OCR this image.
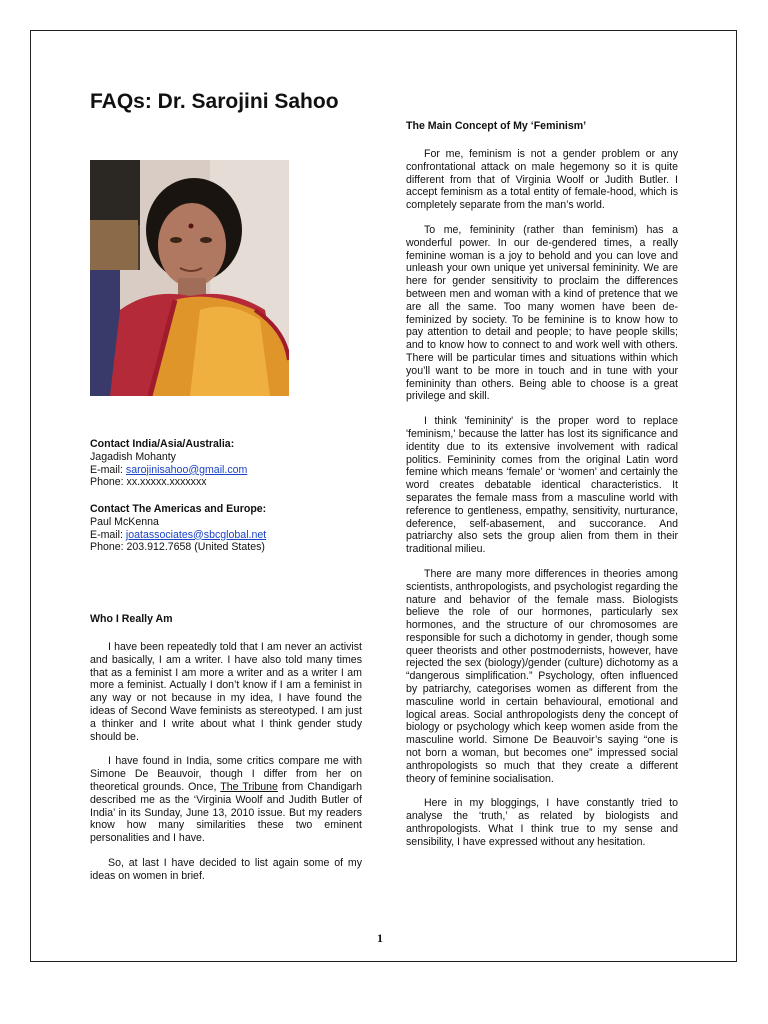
FAQs: Dr. Sarojini Sahoo
Contact India/Asia/Australia:
Jagadish Mohanty
E-mail: sarojinisahoo@gmail.com
Phone: xx.xxxxx.xxxxxxx
Contact The Americas and Europe:
Paul McKenna
E-mail: joatassociates@sbcglobal.net
Phone: 203.912.7658 (United States)
Who I Really Am

I have been repeatedly told that I am never an activist and basically, I am a writer. I have also told many times that as a feminist I am more a writer and as a writer I am more a feminist. Actually I don’t know if I am a feminist in any way or not because in my idea, I have found the ideas of Second Wave feminists as stereotyped. I am just a thinker and I write about what I think gender study should be.

I have found in India, some critics compare me with Simone De Beauvoir, though I differ from her on theoretical grounds. Once, The Tribune from Chandigarh described me as the ‘Virginia Woolf and Judith Butler of India’ in its Sunday, June 13, 2010 issue. But my readers know how many similarities these two eminent personalities and I have.

So, at last I have decided to list again some of my ideas on women in brief.

The Main Concept of My ‘Feminism’

For me, feminism is not a gender problem or any confrontational attack on male hegemony so it is quite different from that of Virginia Woolf or Judith Butler. I accept feminism as a total entity of female-hood, which is completely separate from the man’s world.

To me, femininity (rather than feminism) has a wonderful power. In our de-gendered times, a really feminine woman is a joy to behold and you can love and unleash your own unique yet universal femininity. We are here for gender sensitivity to proclaim the differences between men and woman with a kind of pretence that we are all the same. Too many women have been de-feminized by society. To be feminine is to know how to pay attention to detail and people; to have people skills; and to know how to connect to and work well with others. There will be particular times and situations within which you’ll want to be more in touch and in tune with your femininity than others. Being able to choose is a great privilege and skill.

I think 'femininity' is the proper word to replace 'feminism,' because the latter has lost its significance and identity due to its extensive involvement with radical politics. Femininity comes from the original Latin word femine which means ‘female’ or ‘women’ and certainly the word creates debatable identical characteristics. It separates the female mass from a masculine world with reference to gentleness, empathy, sensitivity, nurturance, deference, self-abasement, and succorance. And patriarchy also sets the group alien from them in their traditional milieu.

There are many more differences in theories among scientists, anthropologists, and psychologist regarding the nature and behavior of the female mass. Biologists believe the role of our hormones, particularly sex hormones, and the structure of our chromosomes are responsible for such a dichotomy in gender, though some queer theorists and other postmodernists, however, have rejected the sex (biology)/gender (culture) dichotomy as a “dangerous simplification.” Psychology, often influenced by patriarchy, categorises women as different from the masculine world in certain behavioural, emotional and logical areas. Social anthropologists deny the concept of biology or psychology which keep women aside from the masculine world. Simone De Beauvoir’s saying “one is not born a woman, but becomes one” impressed social anthropologists so much that they create a different theory of feminine socialisation.

Here in my bloggings, I have constantly tried to analyse the ‘truth,’ as related by biologists and anthropologists. What I think true to my sense and sensibility, I have expressed without any hesitation.

1
